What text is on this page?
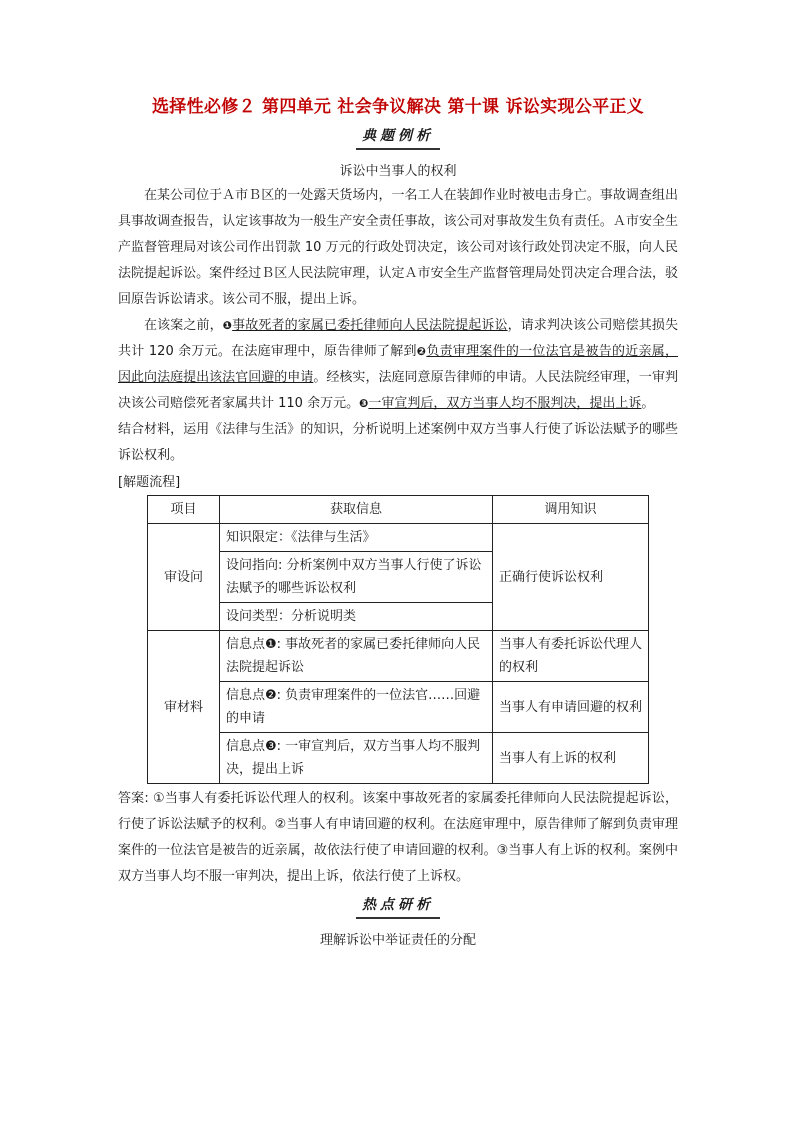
选择性必修２ 第四单元 社会争议解决 第十课 诉讼实现公平正义
典题例析
诉讼中当事人的权利

在某公司位于Ａ市Ｂ区的一处露天货场内，一名工人在装卸作业时被电击身亡。事故调查组出具事故调查报告，认定该事故为一般生产安全责任事故，该公司对事故发生负有责任。Ａ市安全生产监督管理局对该公司作出罚款 10 万元的行政处罚决定，该公司对该行政处罚决定不服，向人民法院提起诉讼。案件经过Ｂ区人民法院审理，认定Ａ市安全生产监督管理局处罚决定合理合法，驳回原告诉讼请求。该公司不服，提出上诉。

在该案之前，❶事故死者的家属已委托律师向人民法院提起诉讼，请求判决该公司赔偿其损失共计 120 余万元。在法庭审理中，原告律师了解到❷负责审理案件的一位法官是被告的近亲属，因此向法庭提出该法官回避的申请。经核实，法庭同意原告律师的申请。人民法院经审理，一审判决该公司赔偿死者家属共计 110 余万元。❸一审宣判后，双方当事人均不服判决，提出上诉。

结合材料，运用《法律与生活》的知识，分析说明上述案例中双方当事人行使了诉讼法赋予的哪些诉讼权利。

[解题流程]
项目	获取信息	调用知识
审设问	知识限定：《法律与生活》	正确行使诉讼权利
	设问指向: 分析案例中双方当事人行使了诉讼法赋予的哪些诉讼权利	
	设问类型：分析说明类	
审材料	信息点❶: 事故死者的家属已委托律师向人民法院提起诉讼	当事人有委托诉讼代理人的权利
	信息点❷: 负责审理案件的一位法官……回避的申请	当事人有申请回避的权利
	信息点❸: 一审宣判后，双方当事人均不服判决，提出上诉	当事人有上诉的权利

答案: ①当事人有委托诉讼代理人的权利。该案中事故死者的家属委托律师向人民法院提起诉讼，行使了诉讼法赋予的权利。②当事人有申请回避的权利。在法庭审理中，原告律师了解到负责审理案件的一位法官是被告的近亲属，故依法行使了申请回避的权利。③当事人有上诉的权利。案例中双方当事人均不服一审判决，提出上诉，依法行使了上诉权。

热点研析
理解诉讼中举证责任的分配
